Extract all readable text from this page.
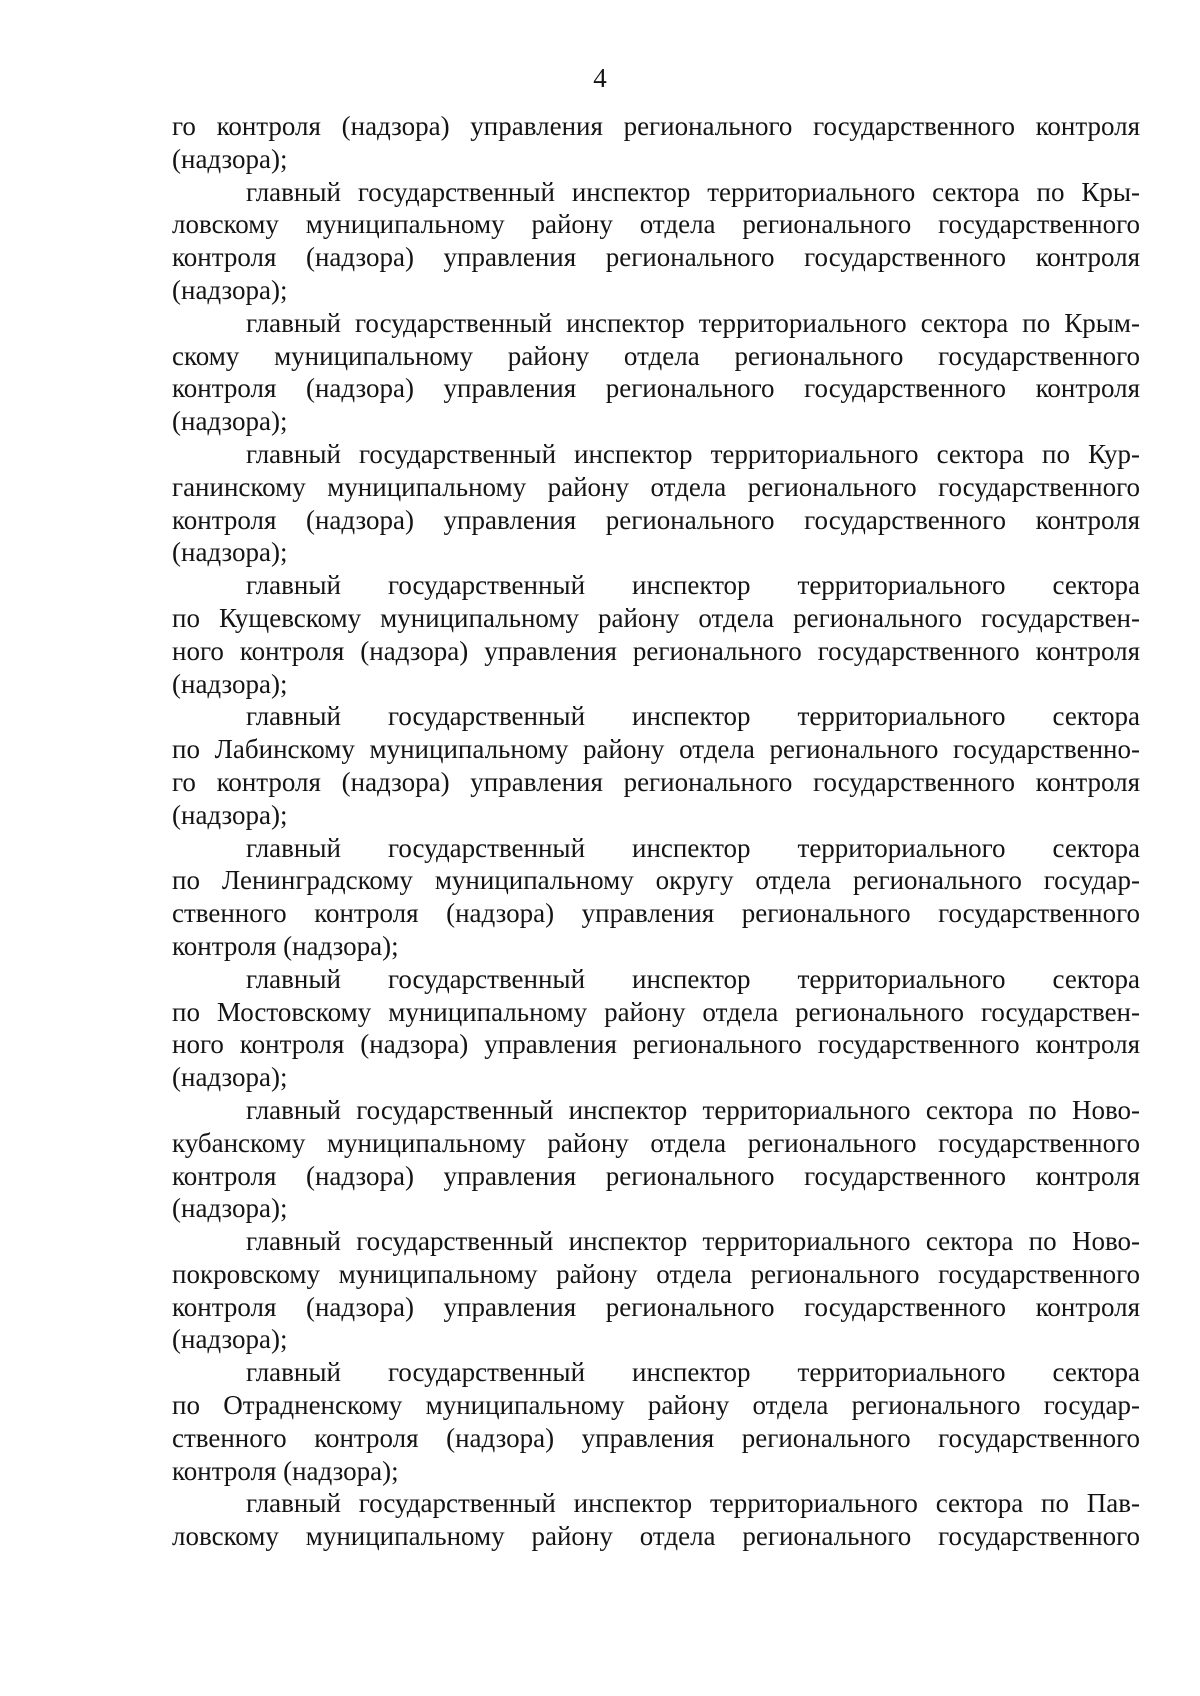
4
го контроля (надзора) управления регионального государственного контроля
(надзора);
главный государственный инспектор территориального сектора по Кры-
ловскому муниципальному району отдела регионального государственного
контроля (надзора) управления регионального государственного контроля
(надзора);
главный государственный инспектор территориального сектора по Крым-
скому муниципальному району отдела регионального государственного
контроля (надзора) управления регионального государственного контроля
(надзора);
главный государственный инспектор территориального сектора по Кур-
ганинскому муниципальному району отдела регионального государственного
контроля (надзора) управления регионального государственного контроля
(надзора);
главный государственный инспектор территориального сектора
по Кущевскому муниципальному району отдела регионального государствен-
ного контроля (надзора) управления регионального государственного контроля
(надзора);
главный государственный инспектор территориального сектора
по Лабинскому муниципальному району отдела регионального государственно-
го контроля (надзора) управления регионального государственного контроля
(надзора);
главный государственный инспектор территориального сектора
по Ленинградскому муниципальному округу отдела регионального государ-
ственного контроля (надзора) управления регионального государственного
контроля (надзора);
главный государственный инспектор территориального сектора
по Мостовскому муниципальному району отдела регионального государствен-
ного контроля (надзора) управления регионального государственного контроля
(надзора);
главный государственный инспектор территориального сектора по Ново-
кубанскому муниципальному району отдела регионального государственного
контроля (надзора) управления регионального государственного контроля
(надзора);
главный государственный инспектор территориального сектора по Ново-
покровскому муниципальному району отдела регионального государственного
контроля (надзора) управления регионального государственного контроля
(надзора);
главный государственный инспектор территориального сектора
по Отрадненскому муниципальному району отдела регионального государ-
ственного контроля (надзора) управления регионального государственного
контроля (надзора);
главный государственный инспектор территориального сектора по Пав-
ловскому муниципальному району отдела регионального государственного
